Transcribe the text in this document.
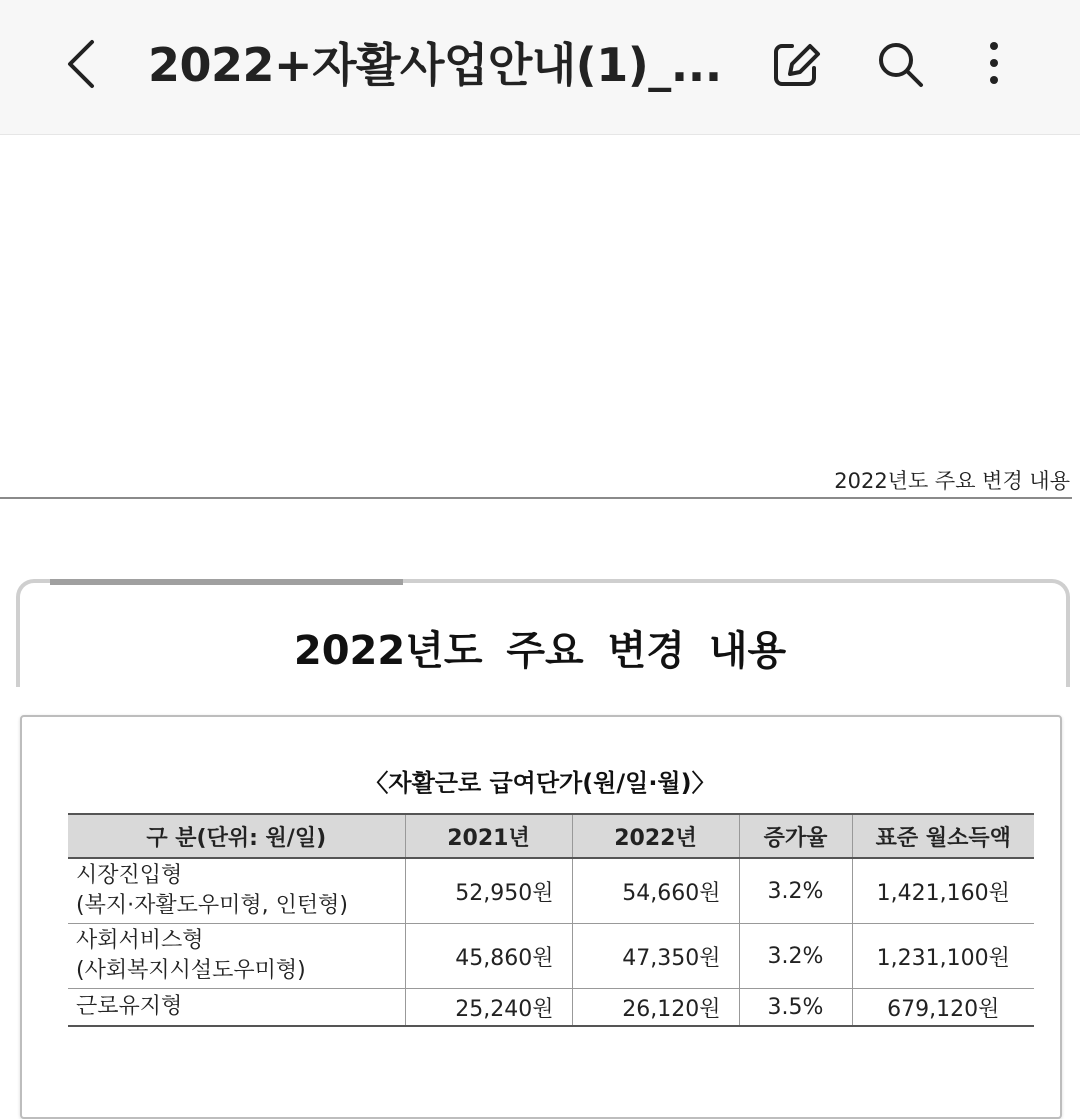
2022+자활사업안내(1)_...
2022년도 주요 변경 내용
2022년도 주요 변경 내용
〈자활근로 급여단가(원/일·월)〉
구 분(단위: 원/일)	2021년	2022년	증가율	표준 월소득액

시장진입형
(복지·자활도우미형, 인턴형)	52,950원	54,660원	3.2%	1,421,160원

사회서비스형
(사회복지시설도우미형)	45,860원	47,350원	3.2%	1,231,100원

근로유지형	25,240원	26,120원	3.5%	679,120원
